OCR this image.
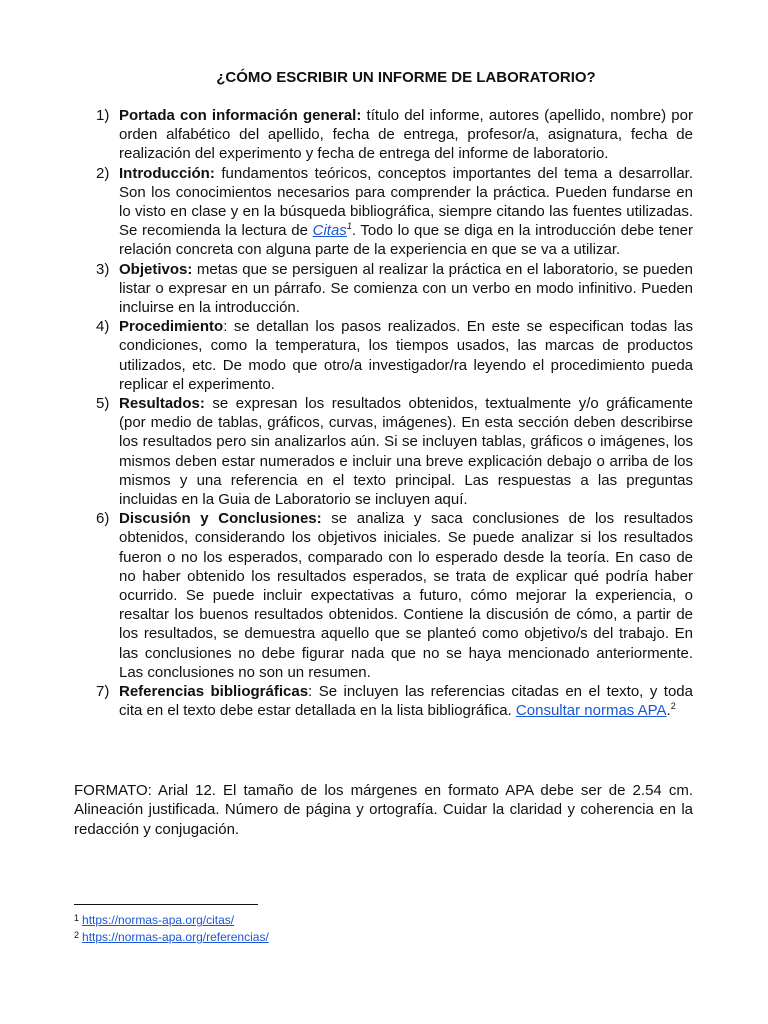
¿CÓMO ESCRIBIR UN INFORME DE LABORATORIO?
1) Portada con información general: título del informe, autores (apellido, nombre) por orden alfabético del apellido, fecha de entrega, profesor/a, asignatura, fecha de realización del experimento y fecha de entrega del informe de laboratorio.
2) Introducción: fundamentos teóricos, conceptos importantes del tema a desarrollar. Son los conocimientos necesarios para comprender la práctica. Pueden fundarse en lo visto en clase y en la búsqueda bibliográfica, siempre citando las fuentes utilizadas. Se recomienda la lectura de Citas$^1$. Todo lo que se diga en la introducción debe tener relación concreta con alguna parte de la experiencia en que se va a utilizar.
3) Objetivos: metas que se persiguen al realizar la práctica en el laboratorio, se pueden listar o expresar en un párrafo. Se comienza con un verbo en modo infinitivo. Pueden incluirse en la introducción.
4) Procedimiento: se detallan los pasos realizados. En este se especifican todas las condiciones, como la temperatura, los tiempos usados, las marcas de productos utilizados, etc. De modo que otro/a investigador/ra leyendo el procedimiento pueda replicar el experimento.
5) Resultados: se expresan los resultados obtenidos, textualmente y/o gráficamente (por medio de tablas, gráficos, curvas, imágenes). En esta sección deben describirse los resultados pero sin analizarlos aún. Si se incluyen tablas, gráficos o imágenes, los mismos deben estar numerados e incluir una breve explicación debajo o arriba de los mismos y una referencia en el texto principal. Las respuestas a las preguntas incluidas en la Guia de Laboratorio se incluyen aquí.
6) Discusión y Conclusiones: se analiza y saca conclusiones de los resultados obtenidos, considerando los objetivos iniciales. Se puede analizar si los resultados fueron o no los esperados, comparado con lo esperado desde la teoría. En caso de no haber obtenido los resultados esperados, se trata de explicar qué podría haber ocurrido. Se puede incluir expectativas a futuro, cómo mejorar la experiencia, o resaltar los buenos resultados obtenidos. Contiene la discusión de cómo, a partir de los resultados, se demuestra aquello que se planteó como objetivo/s del trabajo. En las conclusiones no debe figurar nada que no se haya mencionado anteriormente. Las conclusiones no son un resumen.
7) Referencias bibliográficas: Se incluyen las referencias citadas en el texto, y toda cita en el texto debe estar detallada en la lista bibliográfica. Consultar normas APA.$^2$

FORMATO: Arial 12. El tamaño de los márgenes en formato APA debe ser de 2.54 cm. Alineación justificada. Número de página y ortografía. Cuidar la claridad y coherencia en la redacción y conjugación.

$^1$ https://normas-apa.org/citas/
$^2$ https://normas-apa.org/referencias/
